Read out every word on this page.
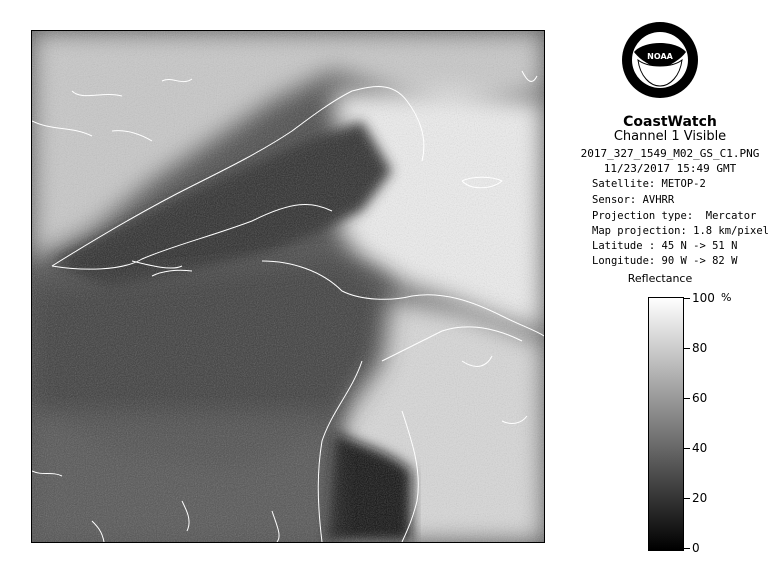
NOAA
CoastWatch
Channel 1 Visible
2017_327_1549_M02_GS_C1.PNG
11/23/2017 15:49 GMT
Satellite: METOP-2
Sensor: AVHRR
Projection type:  Mercator
Map projection: 1.8 km/pixel
Latitude : 45 N -> 51 N
Longitude: 90 W -> 82 W
Reflectance
%
100
80
60
40
20
0
